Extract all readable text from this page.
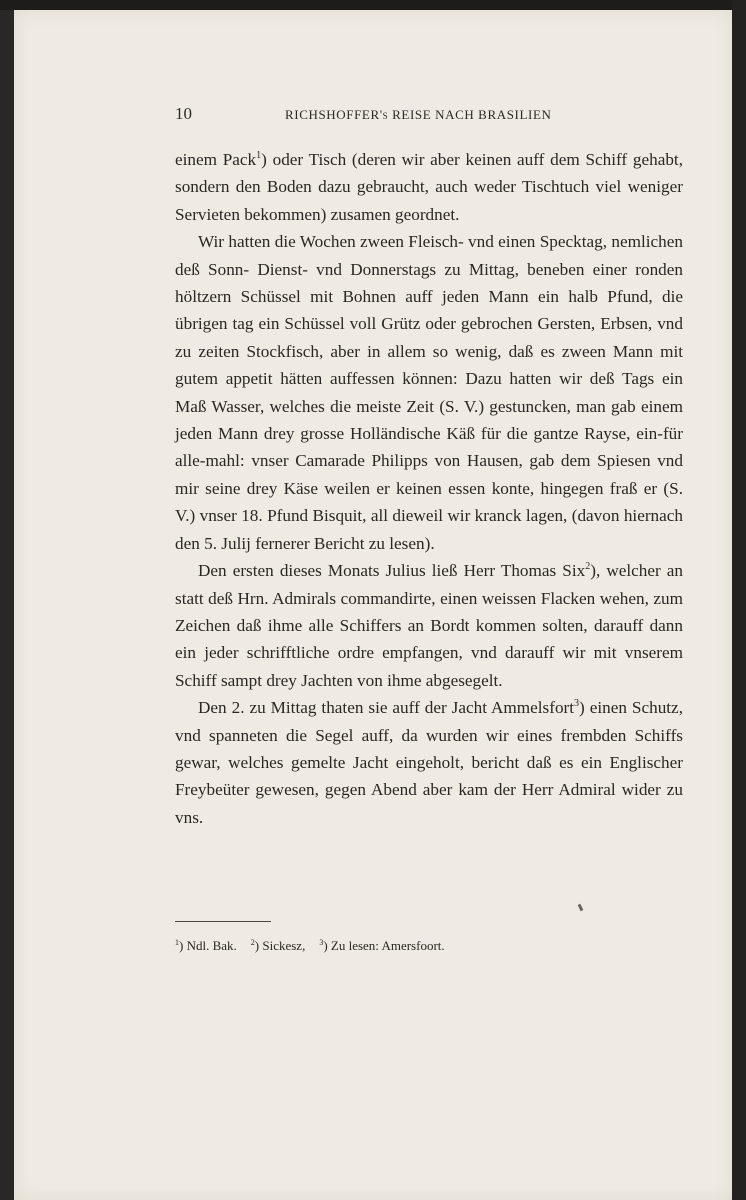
10	RICHSHOFFER's REISE NACH BRASILIEN

einem Pack$^1$) oder Tisch (deren wir aber keinen auff dem Schiff gehabt, sondern den Boden dazu gebraucht, auch weder Tischtuch viel weniger Servieten bekommen) zusamen geordnet.

Wir hatten die Wochen zween Fleisch- vnd einen Specktag, nemlichen deß Sonn- Dienst- vnd Donnerstags zu Mittag, beneben einer ronden höltzern Schüssel mit Bohnen auff jeden Mann ein halb Pfund, die übrigen tag ein Schüssel voll Grütz oder gebrochen Gersten, Erbsen, vnd zu zeiten Stockfisch, aber in allem so wenig, daß es zween Mann mit gutem appetit hätten auffessen können: Dazu hatten wir deß Tags ein Maß Wasser, welches die meiste Zeit (S. V.) gestuncken, man gab einem jeden Mann drey grosse Holländische Käß für die gantze Rayse, ein-für alle-mahl: vnser Camarade Philipps von Hausen, gab dem Spiesen vnd mir seine drey Käse weilen er keinen essen konte, hingegen fraß er (S. V.) vnser 18. Pfund Bisquit, all dieweil wir kranck lagen, (davon hiernach den 5. Julij fernerer Bericht zu lesen).

Den ersten dieses Monats Julius ließ Herr Thomas Six$^2$), welcher an statt deß Hrn. Admirals commandirte, einen weissen Flacken wehen, zum Zeichen daß ihme alle Schiffers an Bordt kommen solten, darauff dann ein jeder schrifftliche ordre empfangen, vnd darauff wir mit vnserem Schiff sampt drey Jachten von ihme abgesegelt.

Den 2. zu Mittag thaten sie auff der Jacht Ammelsfort$^3$) einen Schutz, vnd spanneten die Segel auff, da wurden wir eines frembden Schiffs gewar, welches gemelte Jacht eingeholt, bericht daß es ein Englischer Freybeüter gewesen, gegen Abend aber kam der Herr Admiral wider zu vns.

$^1$) Ndl. Bak. $^2$) Sickesz, $^3$) Zu lesen: Amersfoort.
